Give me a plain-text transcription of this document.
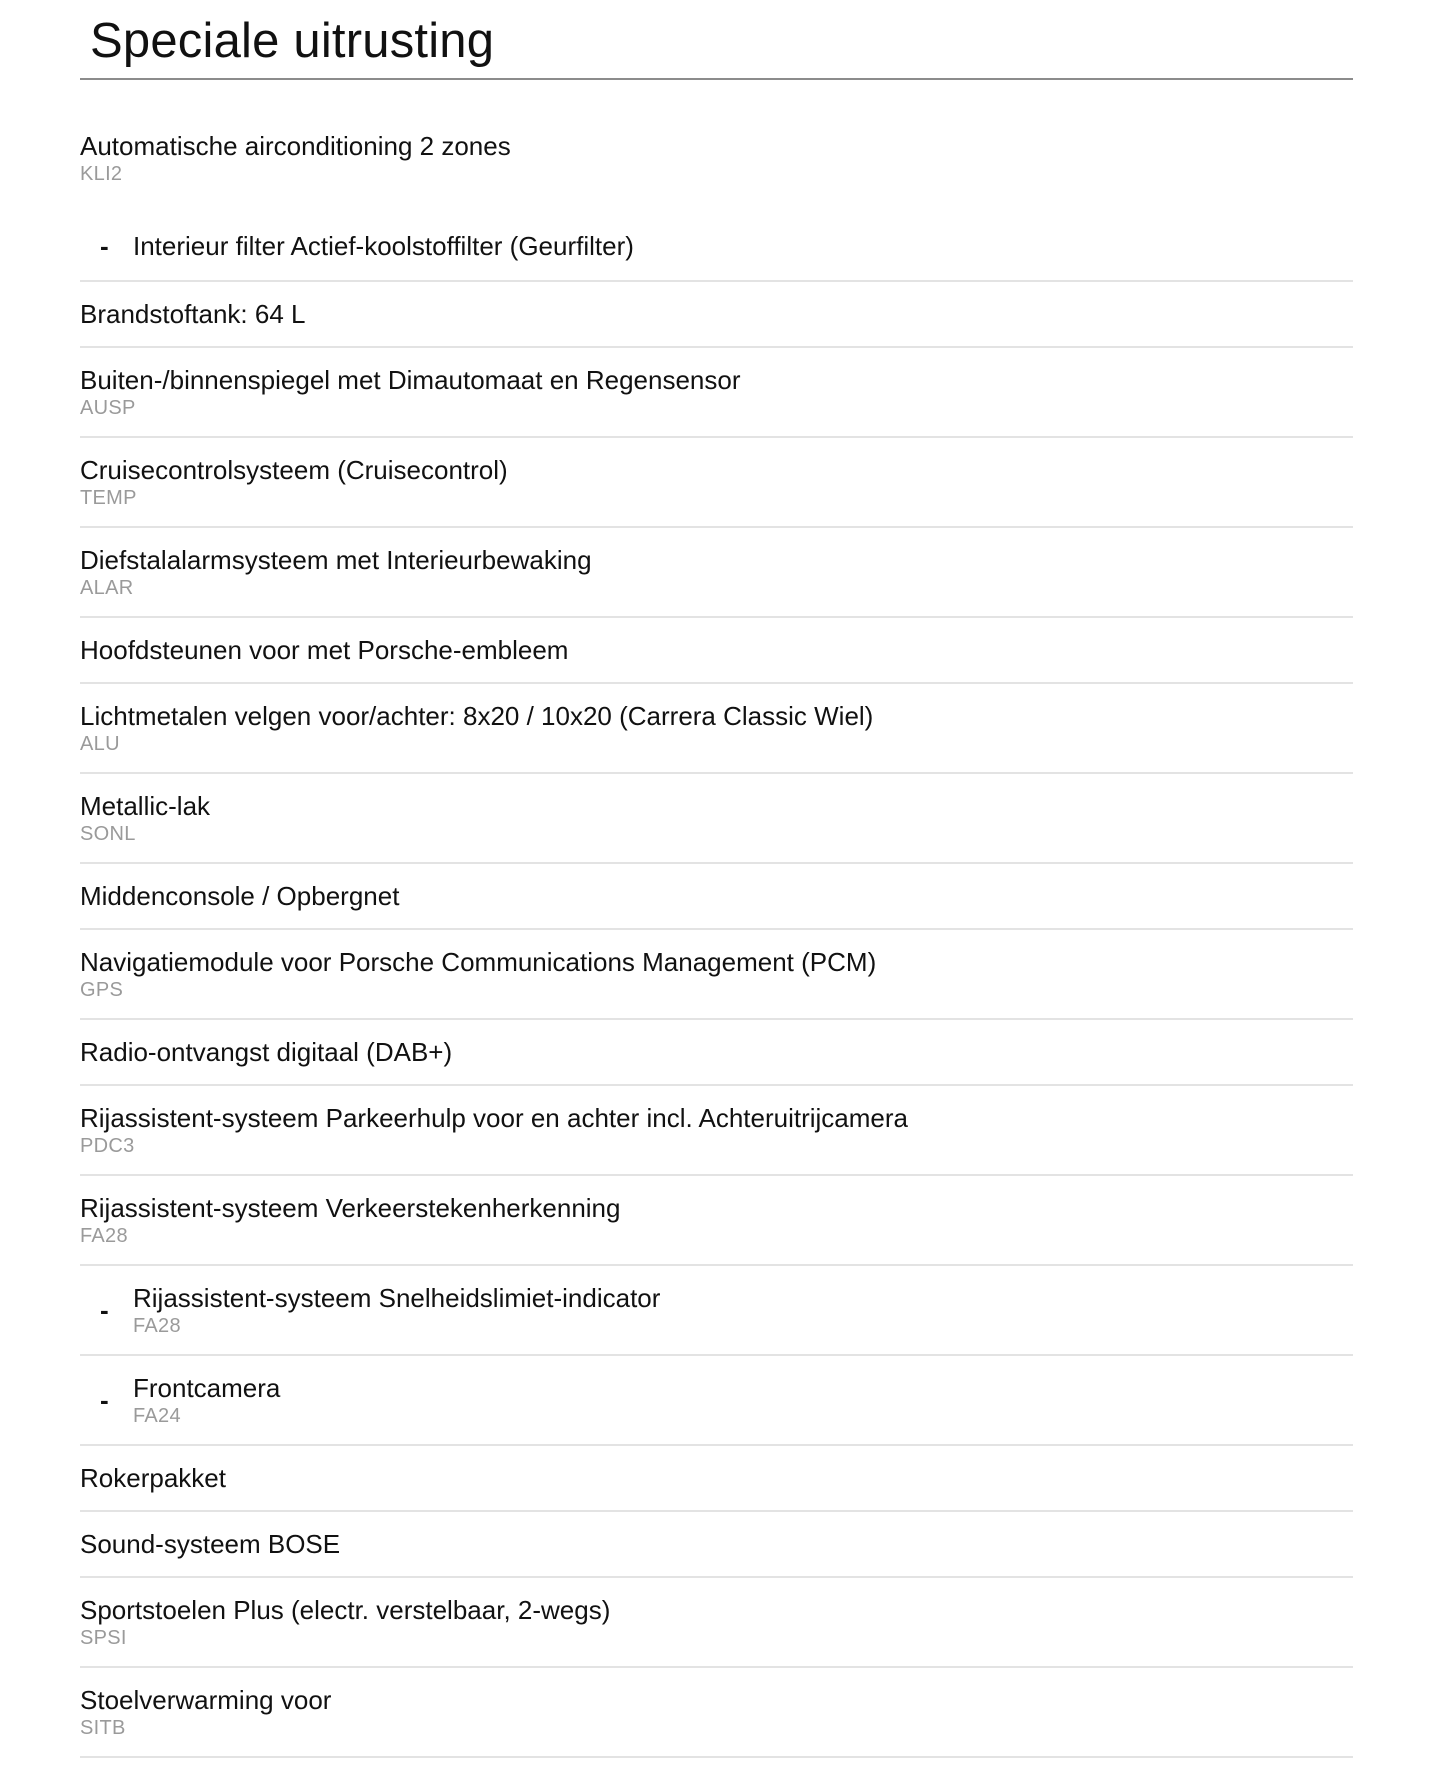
Speciale uitrusting
Automatische airconditioning 2 zones
KLI2
- Interieur filter Actief-koolstoffilter (Geurfilter)
Brandstoftank: 64 L
Buiten-/binnenspiegel met Dimautomaat en Regensensor
AUSP
Cruisecontrolsysteem (Cruisecontrol)
TEMP
Diefstalalarmsysteem met Interieurbewaking
ALAR
Hoofdsteunen voor met Porsche-embleem
Lichtmetalen velgen voor/achter: 8x20 / 10x20 (Carrera Classic Wiel)
ALU
Metallic-lak
SONL
Middenconsole / Opbergnet
Navigatiemodule voor Porsche Communications Management (PCM)
GPS
Radio-ontvangst digitaal (DAB+)
Rijassistent-systeem Parkeerhulp voor en achter incl. Achteruitrijcamera
PDC3
Rijassistent-systeem Verkeerstekenherkenning
FA28
- Rijassistent-systeem Snelheidslimiet-indicator
FA28
- Frontcamera
FA24
Rokerpakket
Sound-systeem BOSE
Sportstoelen Plus (electr. verstelbaar, 2-wegs)
SPSI
Stoelverwarming voor
SITB
